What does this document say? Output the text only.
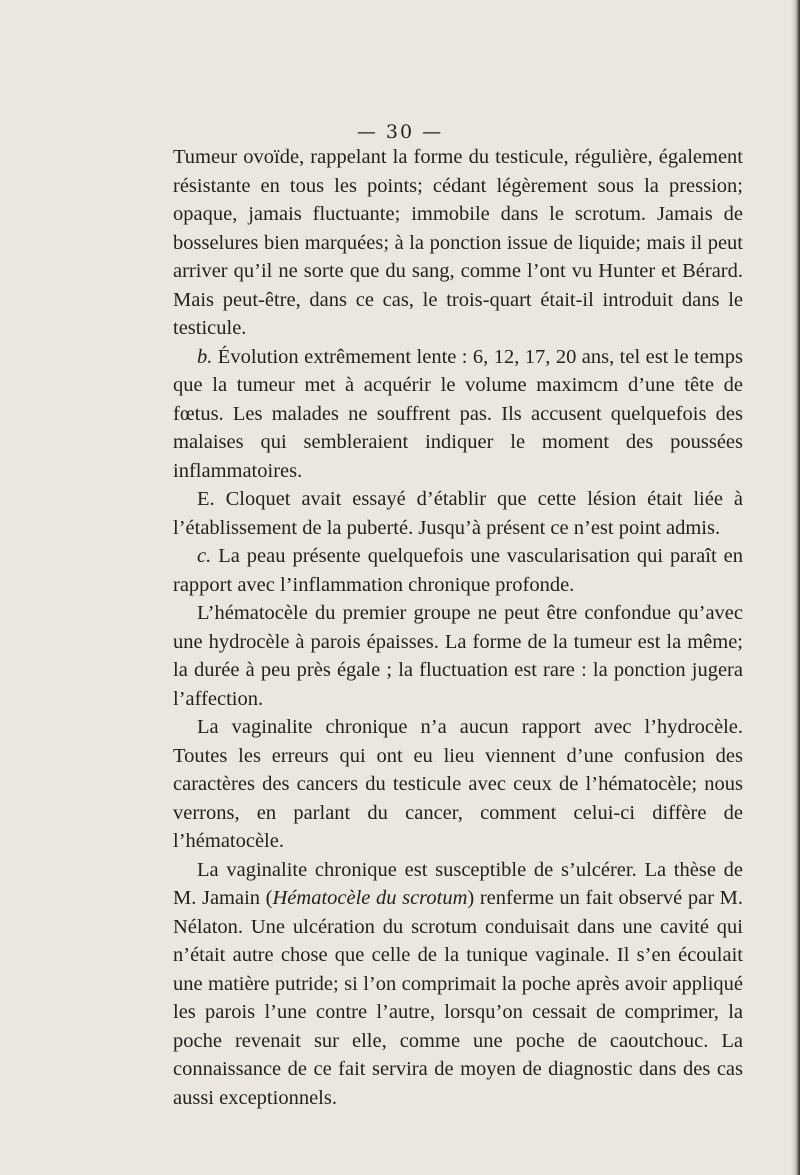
— 30 —

Tumeur ovoïde, rappelant la forme du testicule, régulière, également résistante en tous les points; cédant légèrement sous la pression; opaque, jamais fluctuante; immobile dans le scrotum. Jamais de bosselures bien marquées; à la ponction issue de liquide; mais il peut arriver qu’il ne sorte que du sang, comme l’ont vu Hunter et Bérard. Mais peut-être, dans ce cas, le trois-quart était-il introduit dans le testicule.

b. Évolution extrêmement lente : 6, 12, 17, 20 ans, tel est le temps que la tumeur met à acquérir le volume maximcm d’une tête de fœtus. Les malades ne souffrent pas. Ils accusent quelquefois des malaises qui sembleraient indiquer le moment des poussées inflammatoires.

E. Cloquet avait essayé d’établir que cette lésion était liée à l’établissement de la puberté. Jusqu’à présent ce n’est point admis.

c. La peau présente quelquefois une vascularisation qui paraît en rapport avec l’inflammation chronique profonde.

L’hématocèle du premier groupe ne peut être confondue qu’avec une hydrocèle à parois épaisses. La forme de la tumeur est la même; la durée à peu près égale ; la fluctuation est rare : la ponction jugera l’affection.

La vaginalite chronique n’a aucun rapport avec l’hydrocèle. Toutes les erreurs qui ont eu lieu viennent d’une confusion des caractères des cancers du testicule avec ceux de l’hématocèle; nous verrons, en parlant du cancer, comment celui-ci diffère de l’hématocèle.

La vaginalite chronique est susceptible de s’ulcérer. La thèse de M. Jamain (Hématocèle du scrotum) renferme un fait observé par M. Nélaton. Une ulcération du scrotum conduisait dans une cavité qui n’était autre chose que celle de la tunique vaginale. Il s’en écoulait une matière putride; si l’on comprimait la poche après avoir appliqué les parois l’une contre l’autre, lorsqu’on cessait de comprimer, la poche revenait sur elle, comme une poche de caoutchouc. La connaissance de ce fait servira de moyen de diagnostic dans des cas aussi exceptionnels.
